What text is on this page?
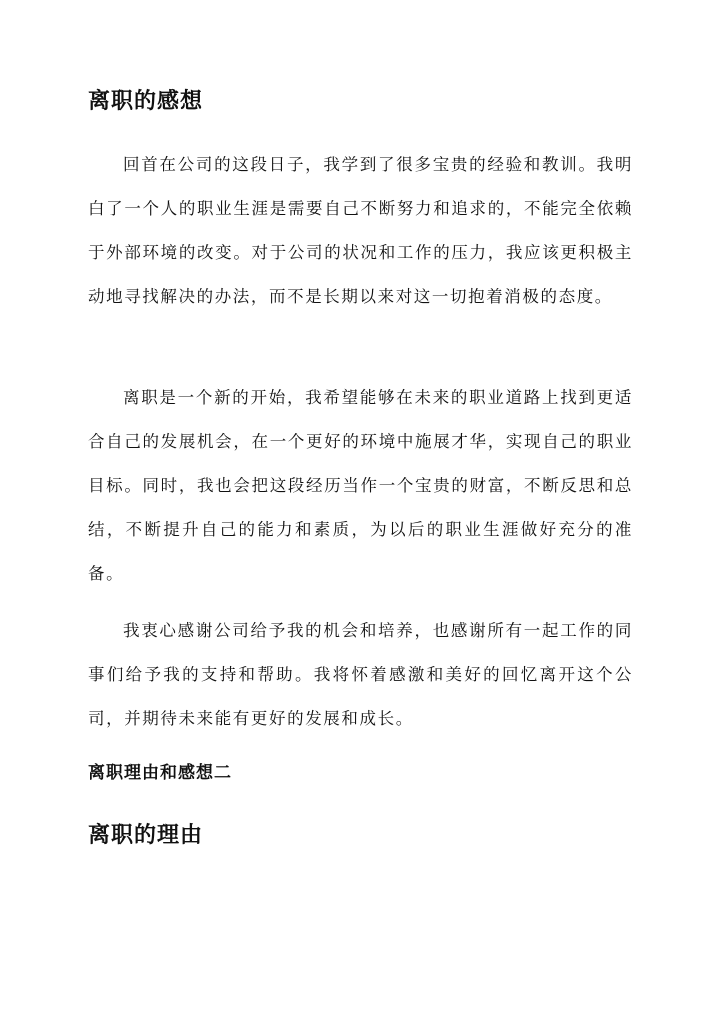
离职的感想

回首在公司的这段日子，我学到了很多宝贵的经验和教训。我明白了一个人的职业生涯是需要自己不断努力和追求的，不能完全依赖于外部环境的改变。对于公司的状况和工作的压力，我应该更积极主动地寻找解决的办法，而不是长期以来对这一切抱着消极的态度。

离职是一个新的开始，我希望能够在未来的职业道路上找到更适合自己的发展机会，在一个更好的环境中施展才华，实现自己的职业目标。同时，我也会把这段经历当作一个宝贵的财富，不断反思和总结，不断提升自己的能力和素质，为以后的职业生涯做好充分的准备。

我衷心感谢公司给予我的机会和培养，也感谢所有一起工作的同事们给予我的支持和帮助。我将怀着感激和美好的回忆离开这个公司，并期待未来能有更好的发展和成长。

离职理由和感想二
离职的理由
